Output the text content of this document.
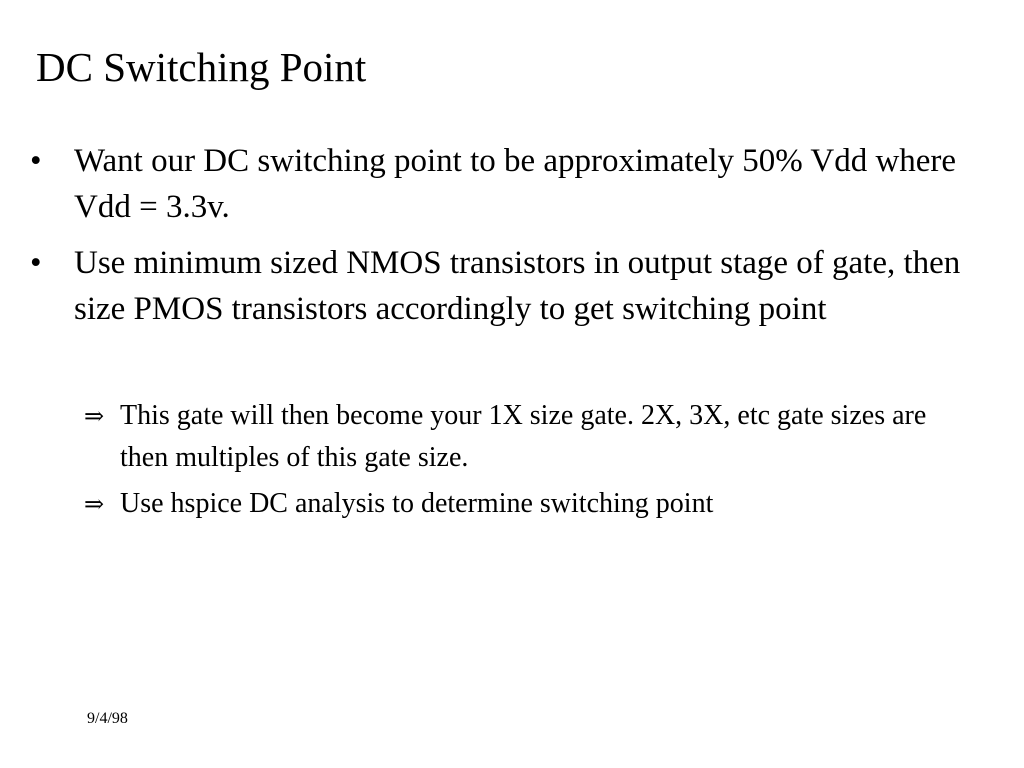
DC Switching Point
• Want our DC switching point to be approximately 50% Vdd where Vdd = 3.3v.
• Use minimum sized NMOS transistors in output stage of gate, then size PMOS transistors accordingly to get switching point
⇒ This gate will then become your 1X size gate. 2X, 3X, etc gate sizes are then multiples of this gate size.
⇒ Use hspice DC analysis to determine switching point
9/4/98
